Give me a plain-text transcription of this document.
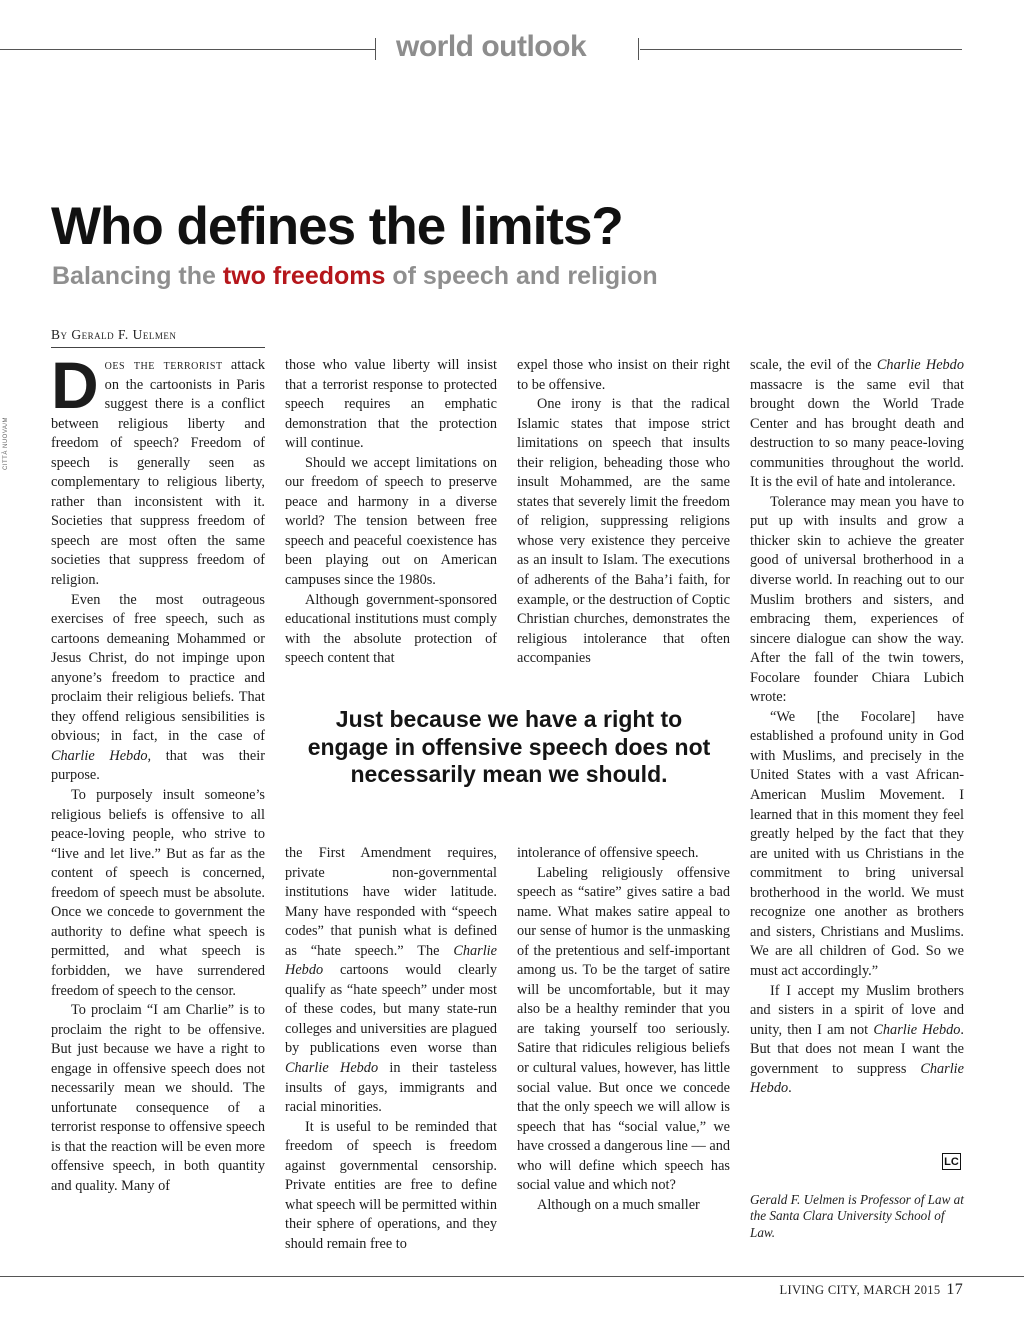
world outlook
CITTÀ NUOVA/M
Who defines the limits?
Balancing the two freedoms of speech and religion
By Gerald F. Uelmen

Does the terrorist attack on the cartoonists in Paris suggest there is a conflict between religious liberty and freedom of speech? Freedom of speech is generally seen as complementary to religious liberty, rather than inconsistent with it. Societies that suppress freedom of speech are most often the same societies that suppress freedom of religion.

Even the most outrageous exercises of free speech, such as cartoons demeaning Mohammed or Jesus Christ, do not impinge upon anyone’s freedom to practice and proclaim their religious beliefs. That they offend religious sensibilities is obvious; in fact, in the case of Charlie Hebdo, that was their purpose.

To purposely insult someone’s religious beliefs is offensive to all peace-loving people, who strive to “live and let live.” But as far as the content of speech is concerned, freedom of speech must be absolute. Once we concede to government the authority to define what speech is permitted, and what speech is forbidden, we have surrendered freedom of speech to the censor.

To proclaim “I am Charlie” is to proclaim the right to be offensive. But just because we have a right to engage in offensive speech does not necessarily mean we should. The unfortunate consequence of a terrorist response to offensive speech is that the reaction will be even more offensive speech, in both quantity and quality. Many of

those who value liberty will insist that a terrorist response to protected speech requires an emphatic demonstration that the protection will continue.

Should we accept limitations on our freedom of speech to preserve peace and harmony in a diverse world? The tension between free speech and peaceful coexistence has been playing out on American campuses since the 1980s.

Although government-sponsored educational institutions must comply with the absolute protection of speech content that

expel those who insist on their right to be offensive.

One irony is that the radical Islamic states that impose strict limitations on speech that insults their religion, beheading those who insult Mohammed, are the same states that severely limit the freedom of religion, suppressing religions whose very existence they perceive as an insult to Islam. The executions of adherents of the Baha’i faith, for example, or the destruction of Coptic Christian churches, demonstrates the religious intolerance that often accompanies

Just because we have a right to engage in offensive speech does not necessarily mean we should.

the First Amendment requires, private non-governmental institutions have wider latitude. Many have responded with “speech codes” that punish what is defined as “hate speech.” The Charlie Hebdo cartoons would clearly qualify as “hate speech” under most of these codes, but many state-run colleges and universities are plagued by publications even worse than Charlie Hebdo in their tasteless insults of gays, immigrants and racial minorities.

It is useful to be reminded that freedom of speech is freedom against governmental censorship. Private entities are free to define what speech will be permitted within their sphere of operations, and they should remain free to

intolerance of offensive speech.

Labeling religiously offensive speech as “satire” gives satire a bad name. What makes satire appeal to our sense of humor is the unmasking of the pretentious and self-important among us. To be the target of satire will be uncomfortable, but it may also be a healthy reminder that you are taking yourself too seriously. Satire that ridicules religious beliefs or cultural values, however, has little social value. But once we concede that the only speech we will allow is speech that has “social value,” we have crossed a dangerous line — and who will define which speech has social value and which not?

Although on a much smaller

scale, the evil of the Charlie Hebdo massacre is the same evil that brought down the World Trade Center and has brought death and destruction to so many peace-loving communities throughout the world. It is the evil of hate and intolerance.

Tolerance may mean you have to put up with insults and grow a thicker skin to achieve the greater good of universal brotherhood in a diverse world. In reaching out to our Muslim brothers and sisters, and embracing them, experiences of sincere dialogue can show the way. After the fall of the twin towers, Focolare founder Chiara Lubich wrote:

“We [the Focolare] have established a profound unity in God with Muslims, and precisely in the United States with a vast African-American Muslim Movement. I learned that in this moment they feel greatly helped by the fact that they are united with us Christians in the commitment to bring universal brotherhood in the world. We must recognize one another as brothers and sisters, Christians and Muslims. We are all children of God. So we must act accordingly.”

If I accept my Muslim brothers and sisters in a spirit of love and unity, then I am not Charlie Hebdo. But that does not mean I want the government to suppress Charlie Hebdo.

LC
Gerald F. Uelmen is Professor of Law at the Santa Clara University School of Law.
LIVING CITY, MARCH 2015 17
